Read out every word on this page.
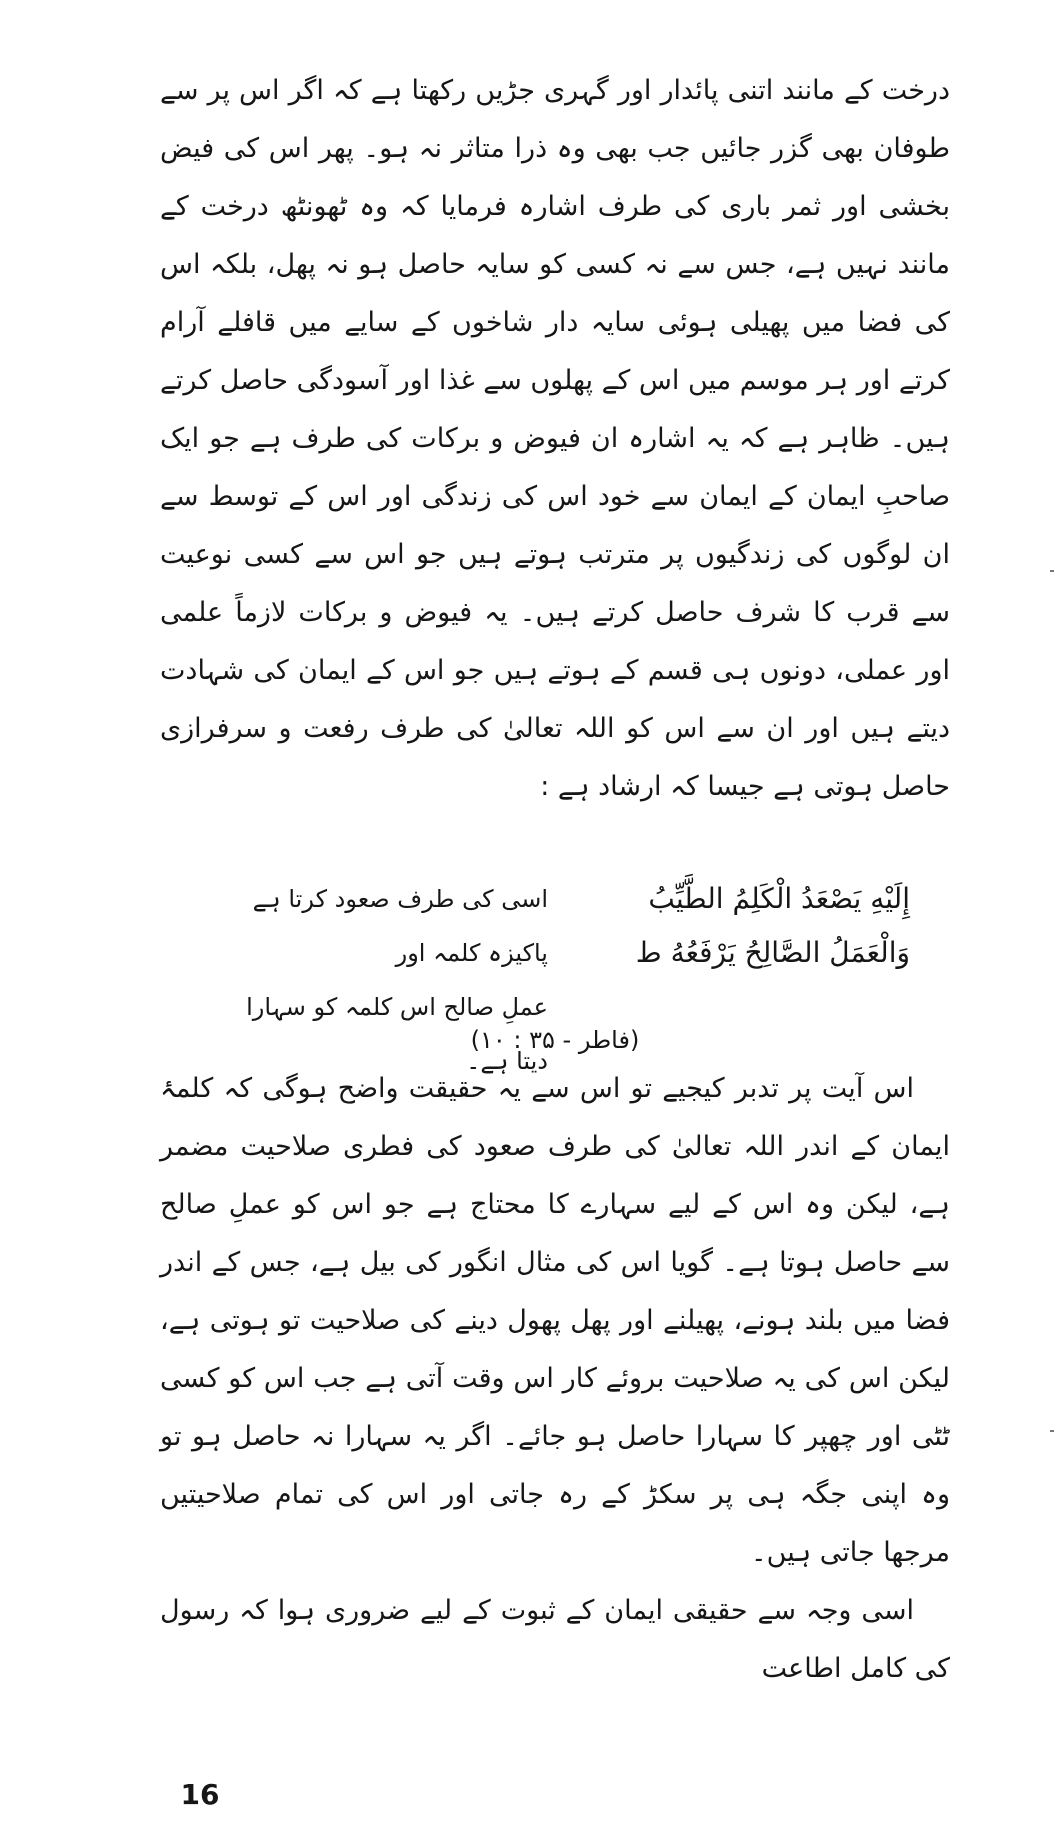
درخت کے مانند اتنی پائدار اور گہری جڑیں رکھتا ہے کہ اگر اس پر سے طوفان بھی گزر جائیں جب بھی وہ ذرا متاثر نہ ہو۔ پھر اس کی فیض بخشی اور ثمر باری کی طرف اشارہ فرمایا کہ وہ ٹھونٹھ درخت کے مانند نہیں ہے، جس سے نہ کسی کو سایہ حاصل ہو نہ پھل، بلکہ اس کی فضا میں پھیلی ہوئی سایہ دار شاخوں کے سایے میں قافلے آرام کرتے اور ہر موسم میں اس کے پھلوں سے غذا اور آسودگی حاصل کرتے ہیں۔ ظاہر ہے کہ یہ اشارہ ان فیوض و برکات کی طرف ہے جو ایک صاحبِ ایمان کے ایمان سے خود اس کی زندگی اور اس کے توسط سے ان لوگوں کی زندگیوں پر مترتب ہوتے ہیں جو اس سے کسی نوعیت سے قرب کا شرف حاصل کرتے ہیں۔ یہ فیوض و برکات لازماً علمی اور عملی، دونوں ہی قسم کے ہوتے ہیں جو اس کے ایمان کی شہادت دیتے ہیں اور ان سے اس کو اللہ تعالیٰ کی طرف رفعت و سرفرازی حاصل ہوتی ہے جیسا کہ ارشاد ہے :

إِلَيْهِ يَصْعَدُ الْكَلِمُ الطَّيِّبُ
وَالْعَمَلُ الصَّالِحُ يَرْفَعُهُ ط
اسی کی طرف صعود کرتا ہے پاکیزہ کلمہ اور
عملِ صالح اس کلمہ کو سہارا دیتا ہے۔
(فاطر - ۳۵ : ۱۰)

اس آیت پر تدبر کیجیے تو اس سے یہ حقیقت واضح ہوگی کہ کلمۂ ایمان کے اندر اللہ تعالیٰ کی طرف صعود کی فطری صلاحیت مضمر ہے، لیکن وہ اس کے لیے سہارے کا محتاج ہے جو اس کو عملِ صالح سے حاصل ہوتا ہے۔ گویا اس کی مثال انگور کی بیل ہے، جس کے اندر فضا میں بلند ہونے، پھیلنے اور پھل پھول دینے کی صلاحیت تو ہوتی ہے، لیکن اس کی یہ صلاحیت بروئے کار اس وقت آتی ہے جب اس کو کسی ٹٹی اور چھپر کا سہارا حاصل ہو جائے۔ اگر یہ سہارا نہ حاصل ہو تو وہ اپنی جگہ ہی پر سکڑ کے رہ جاتی اور اس کی تمام صلاحیتیں مرجھا جاتی ہیں۔

اسی وجہ سے حقیقی ایمان کے ثبوت کے لیے ضروری ہوا کہ رسول کی کامل اطاعت

16
